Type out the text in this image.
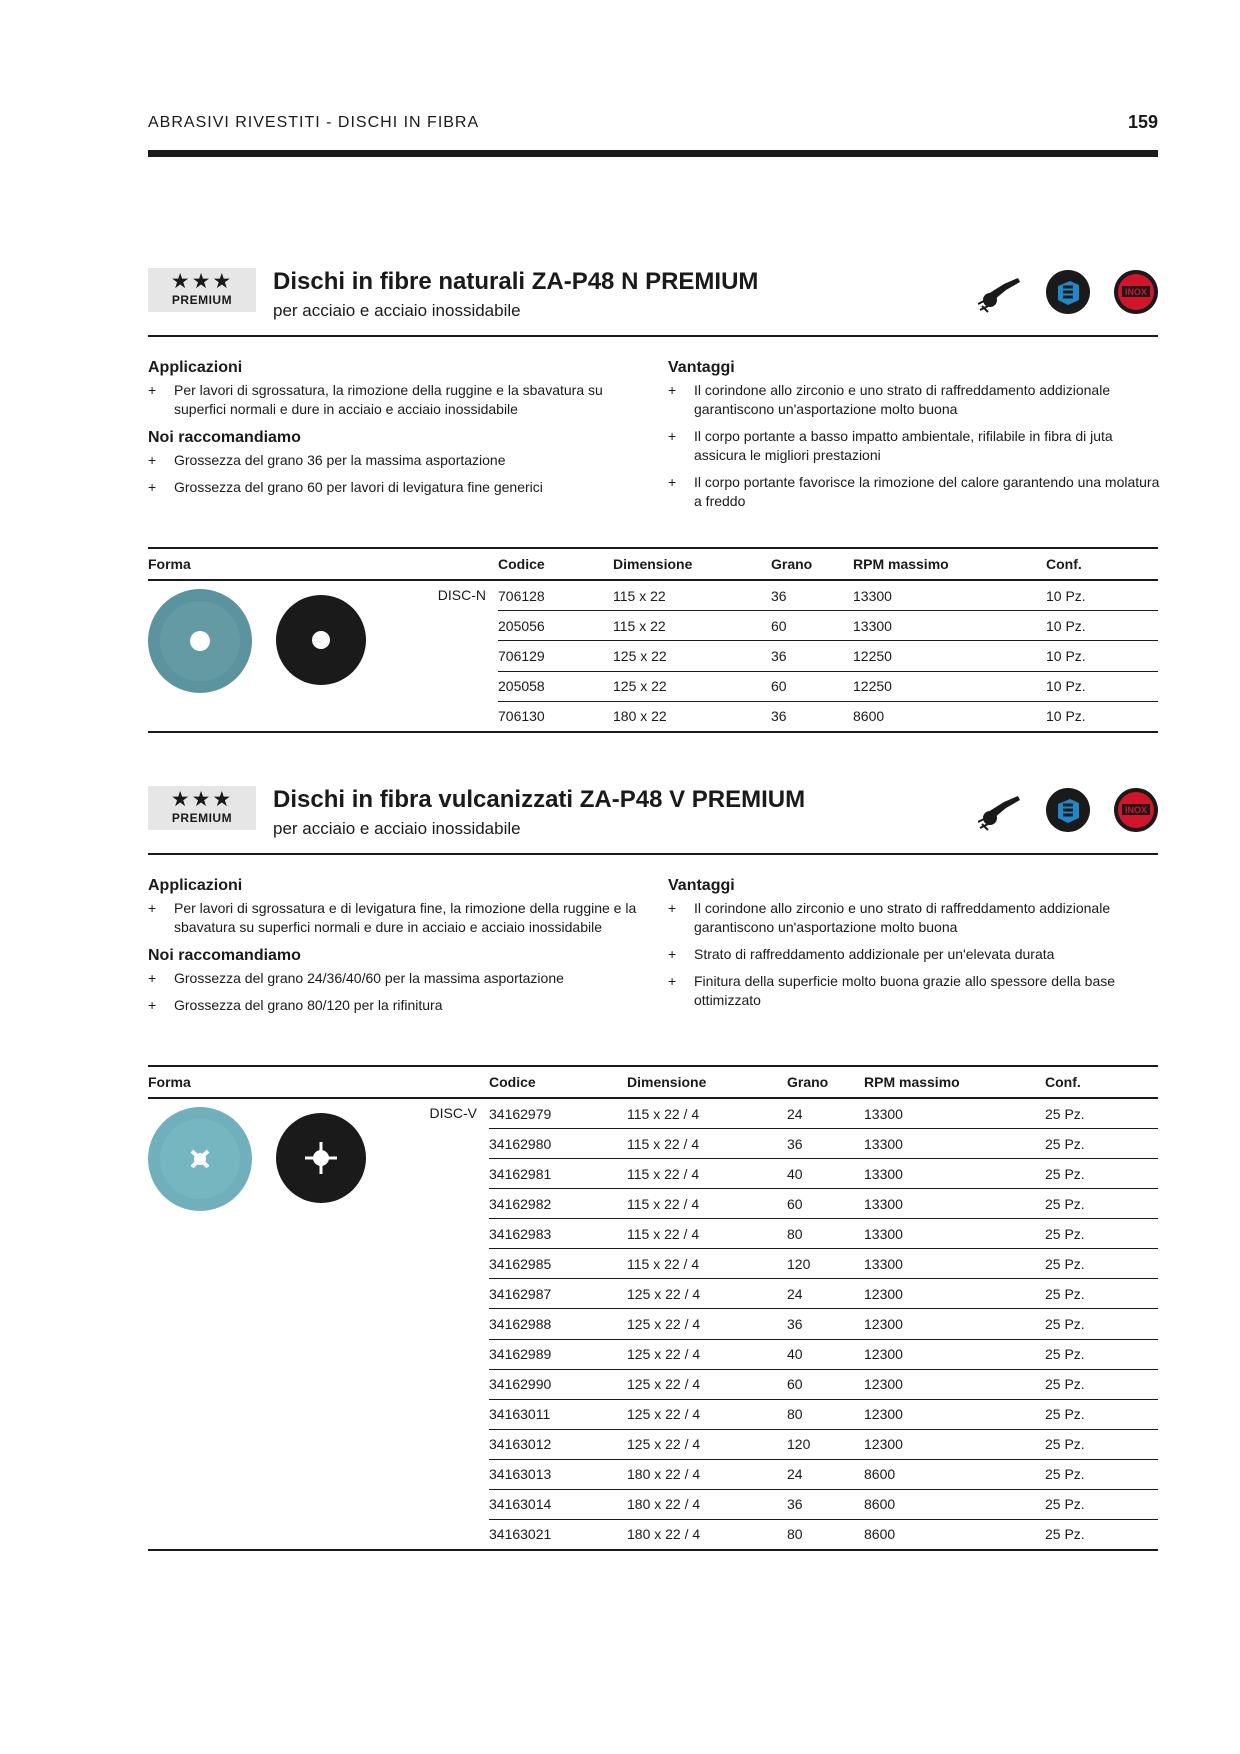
ABRASIVI RIVESTITI - DISCHI IN FIBRA	159
★★★
PREMIUM
Dischi in fibre naturali ZA-P48 N PREMIUM
per acciaio e acciaio inossidabile
INOX
Applicazioni
+ Per lavori di sgrossatura, la rimozione della ruggine e la sbavatura su superfici normali e dure in acciaio e acciaio inossidabile
Noi raccomandiamo
+ Grossezza del grano 36 per la massima asportazione
+ Grossezza del grano 60 per lavori di levigatura fine generici
Vantaggi
+ Il corindone allo zirconio e uno strato di raffreddamento addizionale garantiscono un'asportazione molto buona
+ Il corpo portante a basso impatto ambientale, rifilabile in fibra di juta assicura le migliori prestazioni
+ Il corpo portante favorisce la rimozione del calore garantendo una molatura a freddo
Forma	Codice	Dimensione	Grano	RPM massimo	Conf.

DISC-N	706128	115 x 22	36	13300	10 Pz.
	205056	115 x 22	60	13300	10 Pz.
	706129	125 x 22	36	12250	10 Pz.
	205058	125 x 22	60	12250	10 Pz.
	706130	180 x 22	36	8600	10 Pz.
★★★
PREMIUM
Dischi in fibra vulcanizzati ZA-P48 V PREMIUM
per acciaio e acciaio inossidabile
INOX
Applicazioni
+ Per lavori di sgrossatura e di levigatura fine, la rimozione della ruggine e la sbavatura su superfici normali e dure in acciaio e acciaio inossidabile
Noi raccomandiamo
+ Grossezza del grano 24/36/40/60 per la massima asportazione
+ Grossezza del grano 80/120 per la rifinitura
Vantaggi
+ Il corindone allo zirconio e uno strato di raffreddamento addizionale garantiscono un'asportazione molto buona
+ Strato di raffreddamento addizionale per un'elevata durata
+ Finitura della superficie molto buona grazie allo spessore della base ottimizzato
Forma	Codice	Dimensione	Grano	RPM massimo	Conf.

DISC-V	34162979	115 x 22 / 4	24	13300	25 Pz.
	34162980	115 x 22 / 4	36	13300	25 Pz.
	34162981	115 x 22 / 4	40	13300	25 Pz.
	34162982	115 x 22 / 4	60	13300	25 Pz.
	34162983	115 x 22 / 4	80	13300	25 Pz.
	34162985	115 x 22 / 4	120	13300	25 Pz.
	34162987	125 x 22 / 4	24	12300	25 Pz.
	34162988	125 x 22 / 4	36	12300	25 Pz.
	34162989	125 x 22 / 4	40	12300	25 Pz.
	34162990	125 x 22 / 4	60	12300	25 Pz.
	34163011	125 x 22 / 4	80	12300	25 Pz.
	34163012	125 x 22 / 4	120	12300	25 Pz.
	34163013	180 x 22 / 4	24	8600	25 Pz.
	34163014	180 x 22 / 4	36	8600	25 Pz.
	34163021	180 x 22 / 4	80	8600	25 Pz.
